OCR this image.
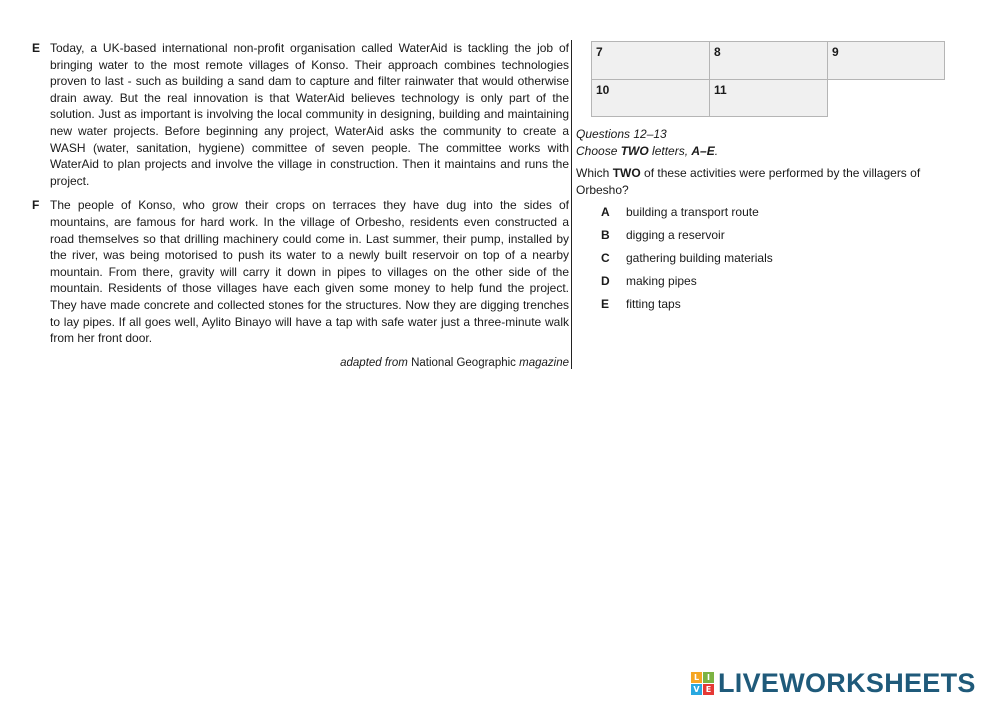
E Today, a UK-based international non-profit organisation called WaterAid is tackling the job of bringing water to the most remote villages of Konso. Their approach combines technologies proven to last - such as building a sand dam to capture and filter rainwater that would otherwise drain away. But the real innovation is that WaterAid believes technology is only part of the solution. Just as important is involving the local community in designing, building and maintaining new water projects. Before beginning any project, WaterAid asks the community to create a WASH (water, sanitation, hygiene) committee of seven people. The committee works with WaterAid to plan projects and involve the village in construction. Then it maintains and runs the project.
F The people of Konso, who grow their crops on terraces they have dug into the sides of mountains, are famous for hard work. In the village of Orbesho, residents even constructed a road themselves so that drilling machinery could come in. Last summer, their pump, installed by the river, was being motorised to push its water to a newly built reservoir on top of a nearby mountain. From there, gravity will carry it down in pipes to villages on the other side of the mountain. Residents of those villages have each given some money to help fund the project. They have made concrete and collected stones for the structures. Now they are digging trenches to lay pipes. If all goes well, Aylito Binayo will have a tap with safe water just a three-minute walk from her front door.
adapted from National Geographic magazine
7	8	9
10	11
Questions 12–13
Choose TWO letters, A–E.
Which TWO of these activities were performed by the villagers of Orbesho?
A	building a transport route
B	digging a reservoir
C	gathering building materials
D	making pipes
E	fitting taps
L I
V E LIVEWORKSHEETS
